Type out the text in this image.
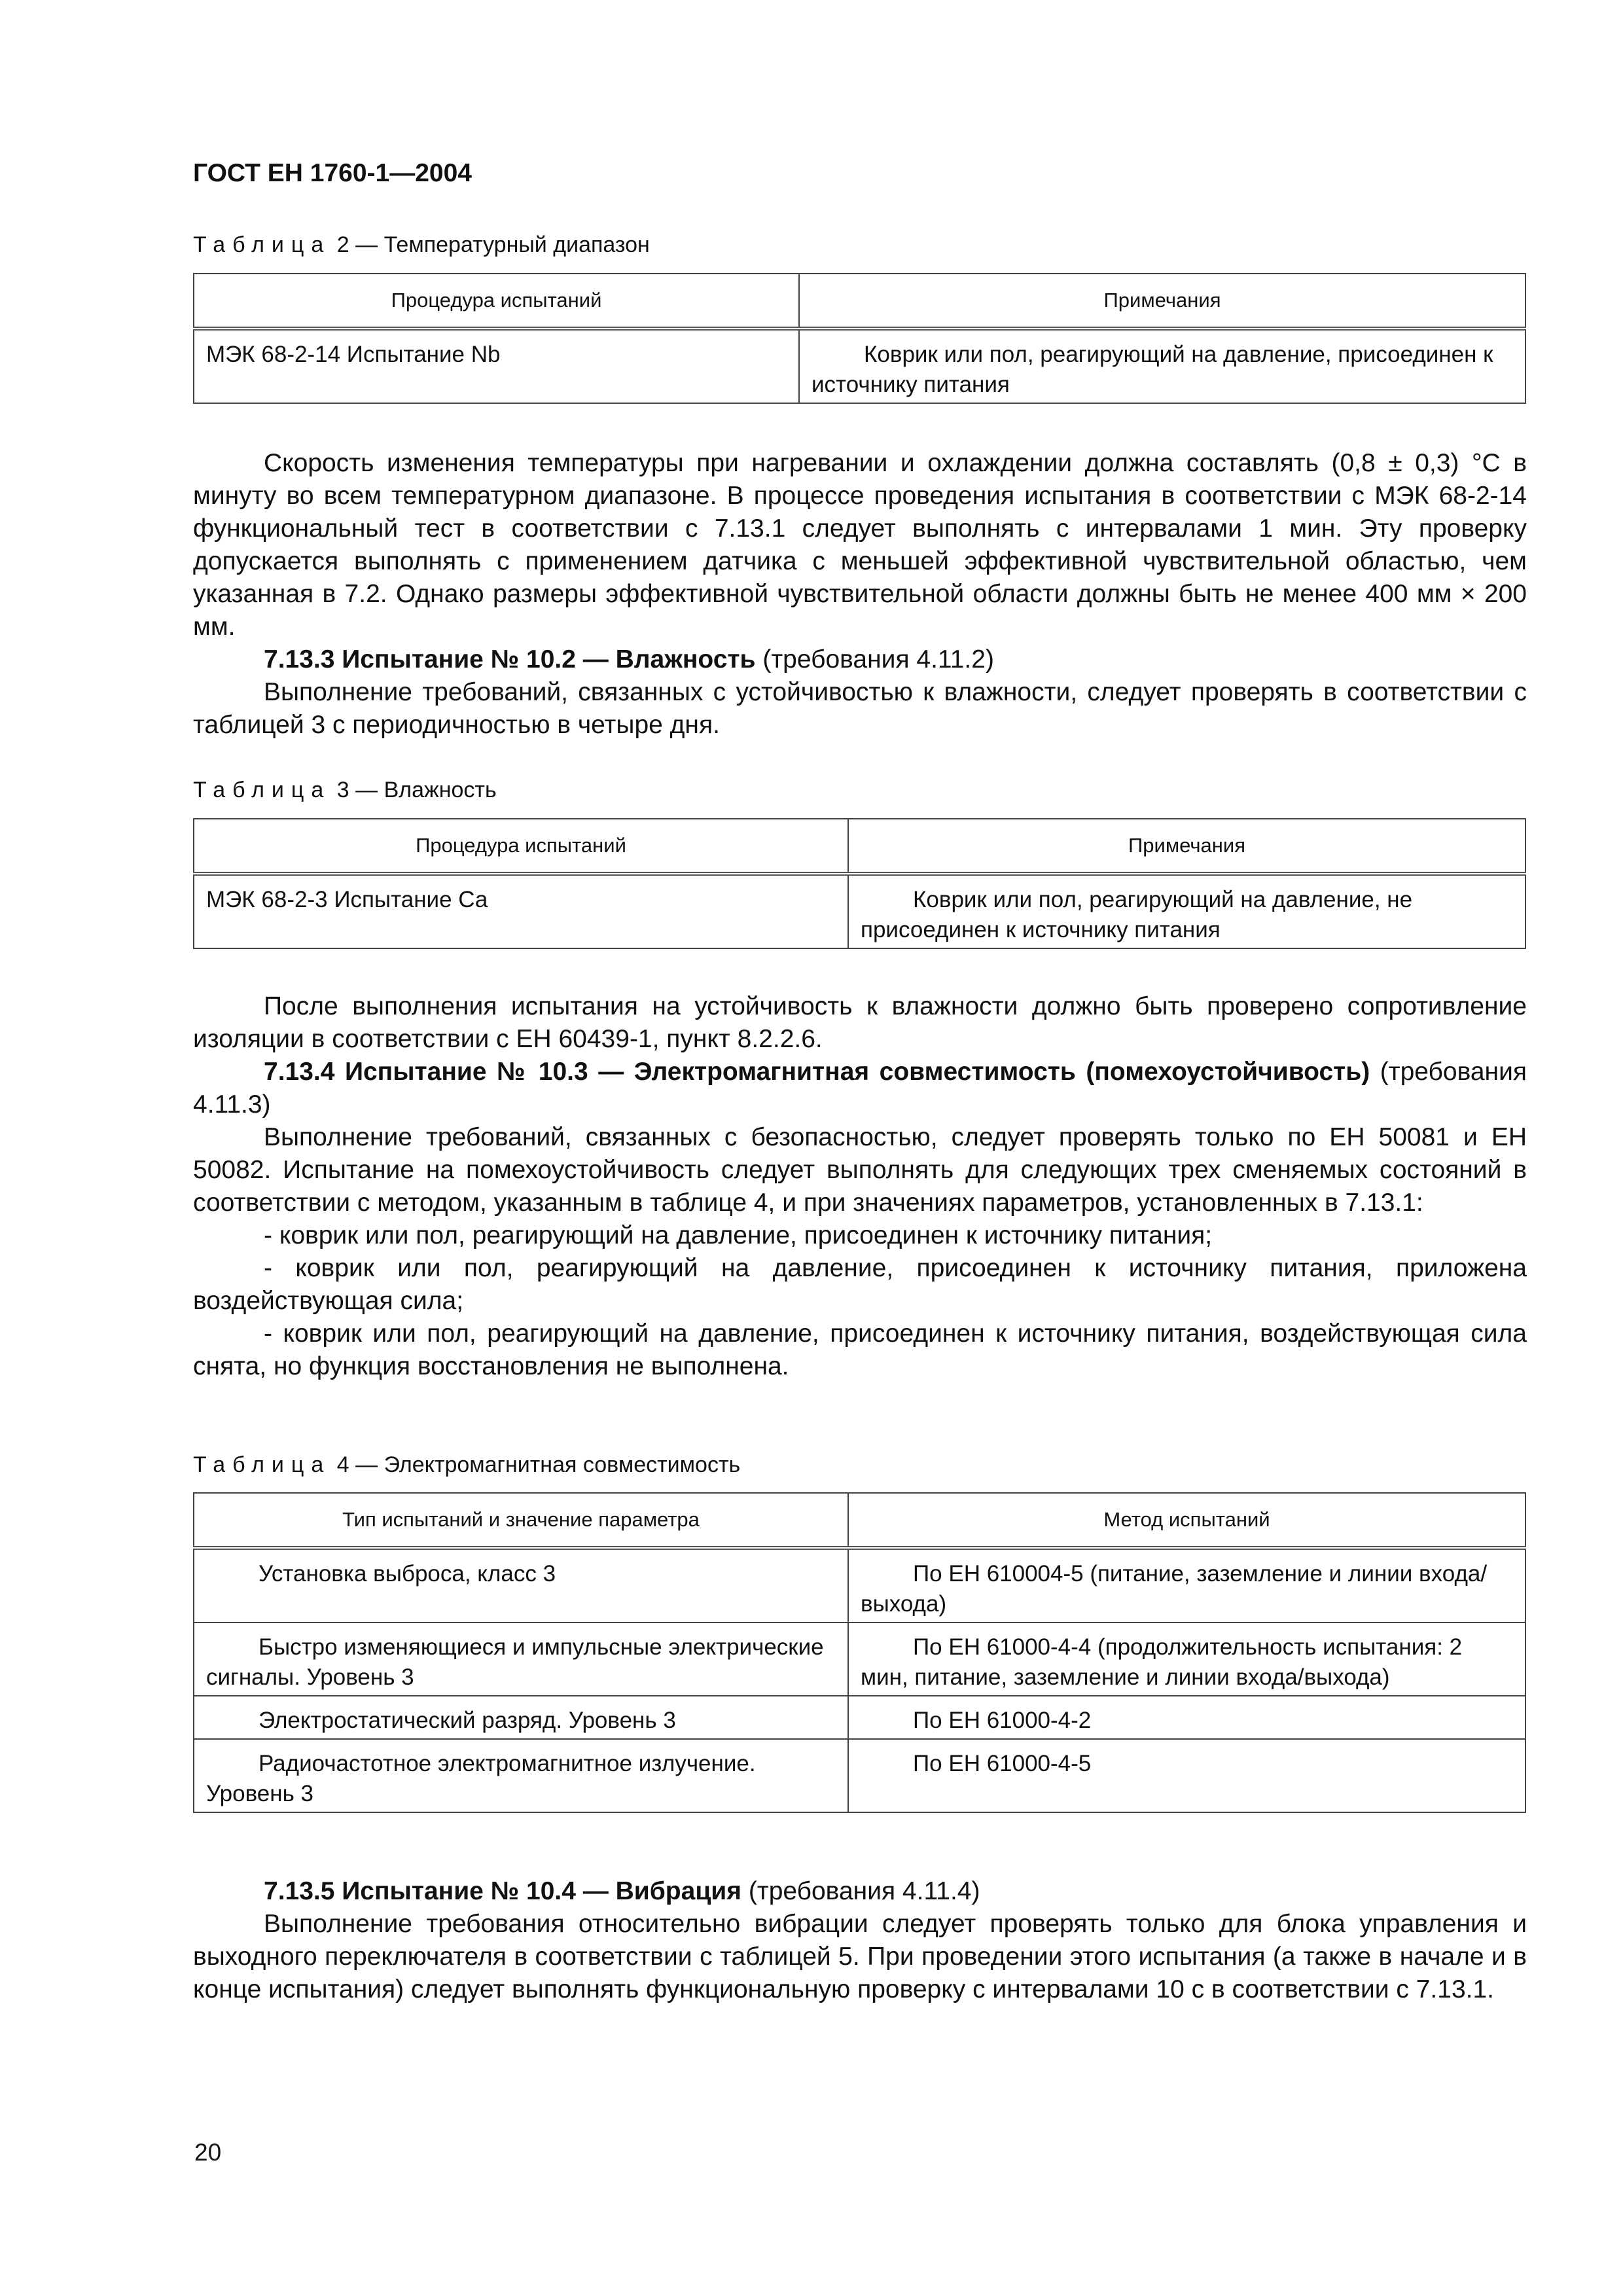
ГОСТ ЕН 1760-1—2004
Таблица 2 — Температурный диапазон
Процедура испытаний	Примечания
МЭК 68-2-14 Испытание Nb	Коврик или пол, реагирующий на давление, присоединен к источнику питания

Скорость изменения температуры при нагревании и охлаждении должна составлять (0,8 ± 0,3) °С в минуту во всем температурном диапазоне. В процессе проведения испытания в соответствии с МЭК 68-2-14 функциональный тест в соответствии с 7.13.1 следует выполнять с интервалами 1 мин. Эту проверку допускается выполнять с применением датчика с меньшей эффективной чувствительной областью, чем указанная в 7.2. Однако размеры эффективной чувствительной области должны быть не менее 400 мм × 200 мм.

7.13.3 Испытание № 10.2 — Влажность (требования 4.11.2)

Выполнение требований, связанных с устойчивостью к влажности, следует проверять в соответствии с таблицей 3 с периодичностью в четыре дня.

Таблица 3 — Влажность
Процедура испытаний	Примечания
МЭК 68-2-3 Испытание Са	Коврик или пол, реагирующий на давление, не присоединен к источнику питания

После выполнения испытания на устойчивость к влажности должно быть проверено сопротивление изоляции в соответствии с ЕН 60439-1, пункт 8.2.2.6.

7.13.4 Испытание № 10.3 — Электромагнитная совместимость (помехоустойчивость) (требования 4.11.3)

Выполнение требований, связанных с безопасностью, следует проверять только по ЕН 50081 и ЕН 50082. Испытание на помехоустойчивость следует выполнять для следующих трех сменяемых состояний в соответствии с методом, указанным в таблице 4, и при значениях параметров, установленных в 7.13.1:

- коврик или пол, реагирующий на давление, присоединен к источнику питания;

- коврик или пол, реагирующий на давление, присоединен к источнику питания, приложена воздействующая сила;

- коврик или пол, реагирующий на давление, присоединен к источнику питания, воздействующая сила снята, но функция восстановления не выполнена.

Таблица 4 — Электромагнитная совместимость
Тип испытаний и значение параметра	Метод испытаний
Установка выброса, класс 3	По ЕН 610004-5 (питание, заземление и линии входа/выхода)
Быстро изменяющиеся и импульсные электрические сигналы. Уровень 3	По ЕН 61000-4-4 (продолжительность испытания: 2 мин, питание, заземление и линии входа/выхода)
Электростатический разряд. Уровень 3	По ЕН 61000-4-2
Радиочастотное электромагнитное излучение. Уровень 3	По ЕН 61000-4-5

7.13.5 Испытание № 10.4 — Вибрация (требования 4.11.4)

Выполнение требования относительно вибрации следует проверять только для блока управления и выходного переключателя в соответствии с таблицей 5. При проведении этого испытания (а также в начале и в конце испытания) следует выполнять функциональную проверку с интервалами 10 с в соответствии с 7.13.1.

20
